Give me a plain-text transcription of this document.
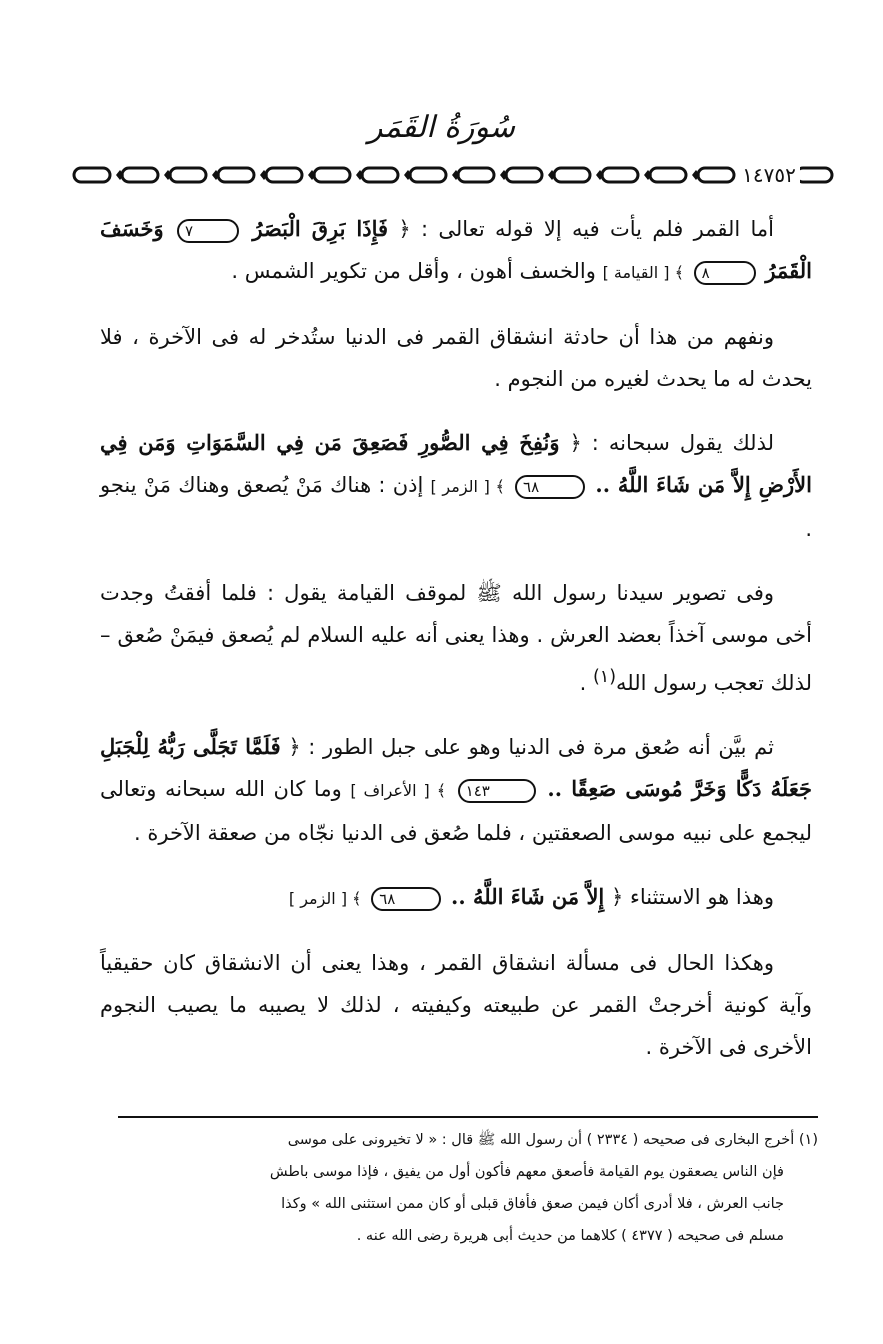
سُورَةُ القَمَر
١٤٧٥٢

أما القمر فلم يأت فيه إلا قوله تعالى : ﴿ فَإِذَا بَرِقَ الْبَصَرُ ٧ وَخَسَفَ الْقَمَرُ ٨ ﴾ [ القيامة ] والخسف أهون ، وأقل من تكوير الشمس .

ونفهم من هذا أن حادثة انشقاق القمر فى الدنيا ستُدخر له فى الآخرة ، فلا يحدث له ما يحدث لغيره من النجوم .

لذلك يقول سبحانه : ﴿ وَنُفِخَ فِي الصُّورِ فَصَعِقَ مَن فِي السَّمَوَاتِ وَمَن فِي الأَرْضِ إِلاَّ مَن شَاءَ اللَّهُ .. ٦٨ ﴾ [ الزمر ] إذن : هناك مَنْ يُصعق وهناك مَنْ ينجو .

وفى تصوير سيدنا رسول الله ﷺ لموقف القيامة يقول : فلما أفقتُ وجدت أخى موسى آخذاً بعضد العرش . وهذا يعنى أنه عليه السلام لم يُصعق فيمَنْ صُعق – لذلك تعجب رسول الله$^{(١)}$ .

ثم بيَّن أنه صُعق مرة فى الدنيا وهو على جبل الطور : ﴿ فَلَمَّا تَجَلَّى رَبُّهُ لِلْجَبَلِ جَعَلَهُ دَكًّا وَخَرَّ مُوسَى صَعِقًا .. ١٤٣ ﴾ [ الأعراف ] وما كان الله سبحانه وتعالى ليجمع على نبيه موسى الصعقتين ، فلما صُعق فى الدنيا نجّاه من صعقة الآخرة .

وهذا هو الاستثناء ﴿ إِلاَّ مَن شَاءَ اللَّهُ .. ٦٨ ﴾ [ الزمر ]

وهكذا الحال فى مسألة انشقاق القمر ، وهذا يعنى أن الانشقاق كان حقيقياً وآية كونية أخرجتْ القمر عن طبيعته وكيفيته ، لذلك لا يصيبه ما يصيب النجوم الأخرى فى الآخرة .

(١) أخرج البخارى فى صحيحه ( ٢٣٣٤ ) أن رسول الله ﷺ قال : « لا تخيرونى على موسى

فإن الناس يصعقون يوم القيامة فأصعق معهم فأكون أول من يفيق ، فإذا موسى باطش

جانب العرش ، فلا أدرى أكان فيمن صعق فأفاق قبلى أو كان ممن استثنى الله » وكذا

مسلم فى صحيحه ( ٤٣٧٧ ) كلاهما من حديث أبى هريرة رضى الله عنه .
